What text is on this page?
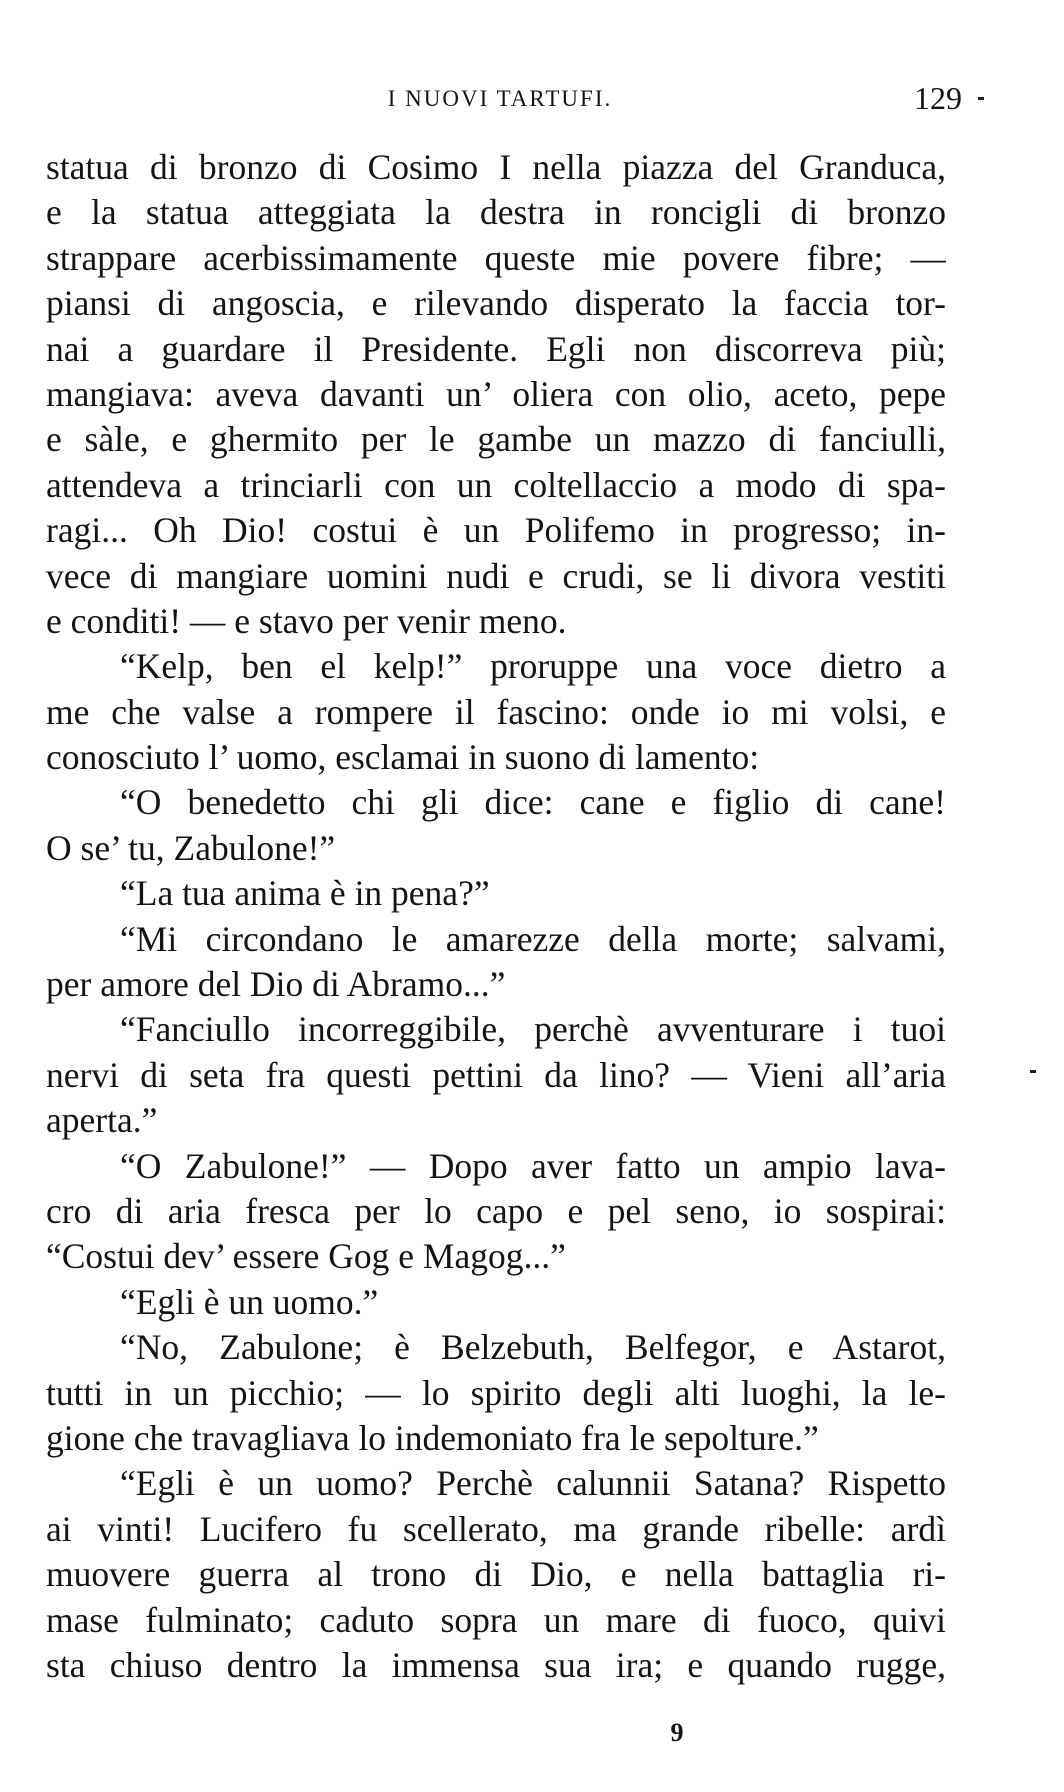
I NUOVI TARTUFI.	129
statua di bronzo di Cosimo I nella piazza del Granduca,
e la statua atteggiata la destra in roncigli di bronzo
strappare acerbissimamente queste mie povere fibre; —
piansi di angoscia, e rilevando disperato la faccia tor-
nai a guardare il Presidente. Egli non discorreva più;
mangiava: aveva davanti un’ oliera con olio, aceto, pepe
e sàle, e ghermito per le gambe un mazzo di fanciulli,
attendeva a trinciarli con un coltellaccio a modo di spa-
ragi... Oh Dio! costui è un Polifemo in progresso; in-
vece di mangiare uomini nudi e crudi, se li divora vestiti
e conditi! — e stavo per venir meno.
“Kelp, ben el kelp!” proruppe una voce dietro a
me che valse a rompere il fascino: onde io mi volsi, e
conosciuto l’ uomo, esclamai in suono di lamento:
“O benedetto chi gli dice: cane e figlio di cane!
O se’ tu, Zabulone!”
“La tua anima è in pena?”
“Mi circondano le amarezze della morte; salvami,
per amore del Dio di Abramo...”
“Fanciullo incorreggibile, perchè avventurare i tuoi
nervi di seta fra questi pettini da lino? — Vieni all’aria
aperta.”
“O Zabulone!” — Dopo aver fatto un ampio lava-
cro di aria fresca per lo capo e pel seno, io sospirai:
“Costui dev’ essere Gog e Magog...”
“Egli è un uomo.”
“No, Zabulone; è Belzebuth, Belfegor, e Astarot,
tutti in un picchio; — lo spirito degli alti luoghi, la le-
gione che travagliava lo indemoniato fra le sepolture.”
“Egli è un uomo? Perchè calunnii Satana? Rispetto
ai vinti! Lucifero fu scellerato, ma grande ribelle: ardì
muovere guerra al trono di Dio, e nella battaglia ri-
mase fulminato; caduto sopra un mare di fuoco, quivi
sta chiuso dentro la immensa sua ira; e quando rugge,
9
